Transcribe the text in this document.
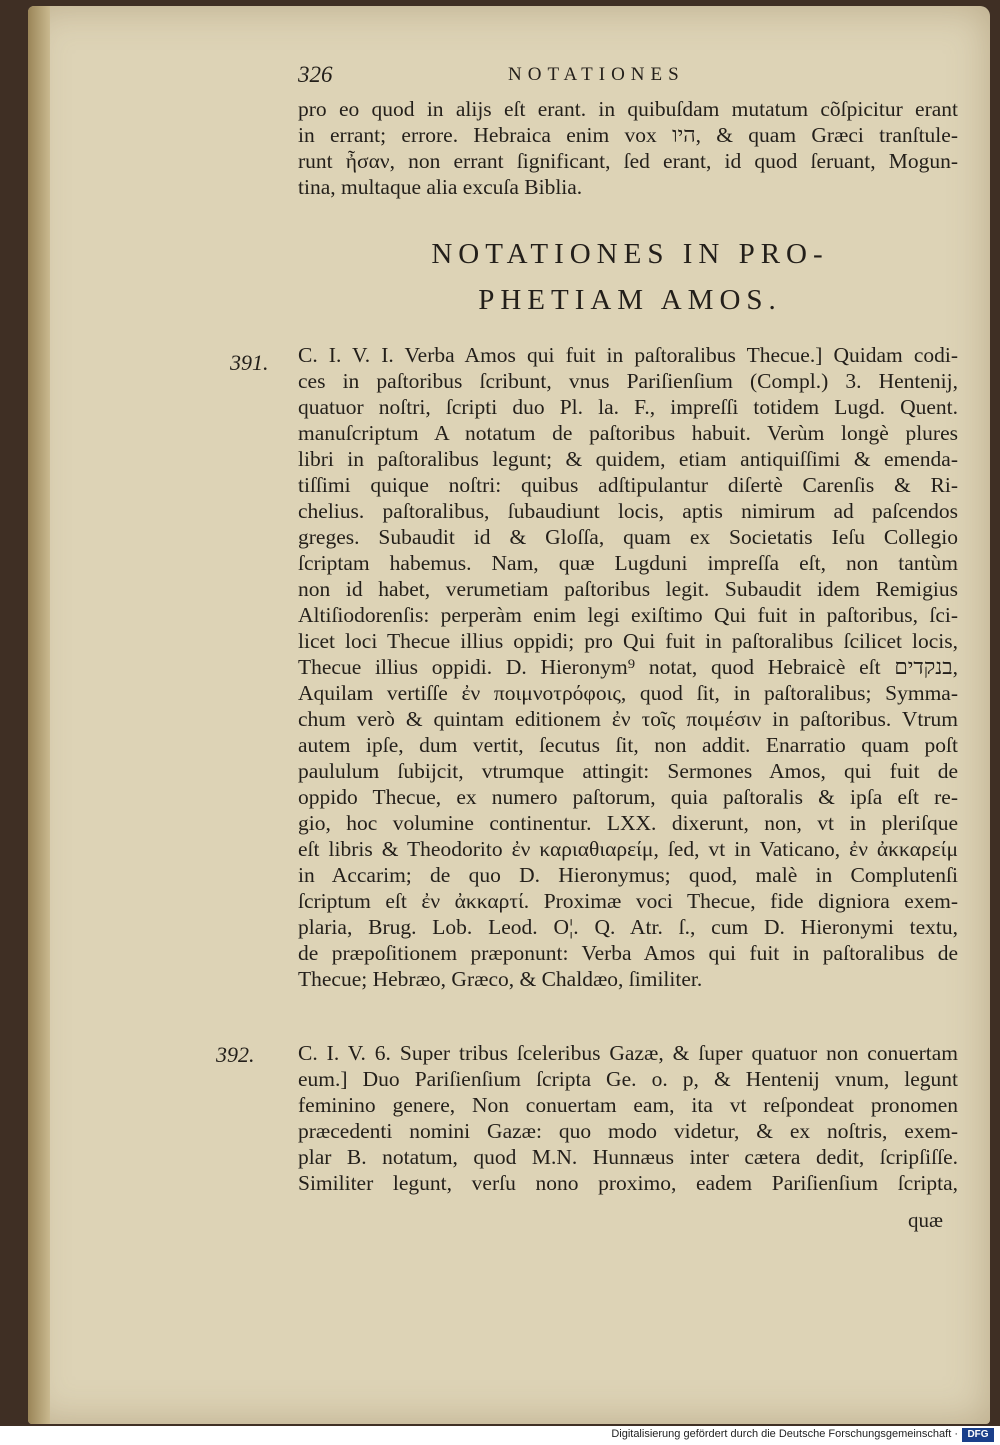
326	NOTATIONES
pro eo quod in alijs eſt erant. in quibuſdam mutatum cõſpicitur erant
in errant; errore. Hebraica enim vox היו, & quam Græci tranſtule-
runt ἦσαν, non errant ſignificant, ſed erant, id quod ſeruant, Mogun-
tina, multaque alia excuſa Biblia.
NOTATIONES IN PRO-
PHETIAM AMOS.
391. C. I. V. I. Verba Amos qui fuit in paſtoralibus Thecue.] Quidam codi-
ces in paſtoribus ſcribunt, vnus Pariſienſium (Compl.) 3. Hentenij,
quatuor noſtri, ſcripti duo Pl. la. F., impreſſi totidem Lugd. Quent.
manuſcriptum A notatum de paſtoribus habuit. Verùm longè plures
libri in paſtoralibus legunt; & quidem, etiam antiquiſſimi & emenda-
tiſſimi quique noſtri: quibus adſtipulantur diſertè Carenſis & Ri-
chelius. paſtoralibus, ſubaudiunt locis, aptis nimirum ad paſcendos
greges. Subaudit id & Gloſſa, quam ex Societatis Ieſu Collegio
ſcriptam habemus. Nam, quæ Lugduni impreſſa eſt, non tantùm
non id habet, verumetiam paſtoribus legit. Subaudit idem Remigius
Altiſiodorenſis: perperàm enim legi exiſtimo Qui fuit in paſtoribus, ſci-
licet loci Thecue illius oppidi; pro Qui fuit in paſtoralibus ſcilicet locis,
Thecue illius oppidi. D. Hieronym⁹ notat, quod Hebraicè eſt בנקדים,
Aquilam vertiſſe ἐν ποιμνοτρόφοις, quod ſit, in paſtoralibus; Symma-
chum verò & quintam editionem ἐν τοῖς ποιμέσιν in paſtoribus. Vtrum
autem ipſe, dum vertit, ſecutus ſit, non addit. Enarratio quam poſt
paululum ſubijcit, vtrumque attingit: Sermones Amos, qui fuit de
oppido Thecue, ex numero paſtorum, quia paſtoralis & ipſa eſt re-
gio, hoc volumine continentur. LXX. dixerunt, non, vt in pleriſque
eſt libris & Theodorito ἐν καριαθιαρείμ, ſed, vt in Vaticano, ἐν ἀκκαρείμ
in Accarim; de quo D. Hieronymus; quod, malè in Complutenſi
ſcriptum eſt ἐν ἀκκαρτί. Proximæ voci Thecue, fide digniora exem-
plaria, Brug. Lob. Leod. O¦. Q. Atr. ſ., cum D. Hieronymi textu,
de præpoſitionem præponunt: Verba Amos qui fuit in paſtoralibus de
Thecue; Hebræo, Græco, & Chaldæo, ſimiliter.
392. C. I. V. 6. Super tribus ſceleribus Gazæ, & ſuper quatuor non conuertam
eum.] Duo Pariſienſium ſcripta Ge. o. p, & Hentenij vnum, legunt
feminino genere, Non conuertam eam, ita vt reſpondeat pronomen
præcedenti nomini Gazæ: quo modo videtur, & ex noſtris, exem-
plar B. notatum, quod M.N. Hunnæus inter cætera dedit, ſcripſiſſe.
Similiter legunt, verſu nono proximo, eadem Pariſienſium ſcripta,
quæ
Digitalisierung gefördert durch die Deutsche Forschungsgemeinschaft · DFG
